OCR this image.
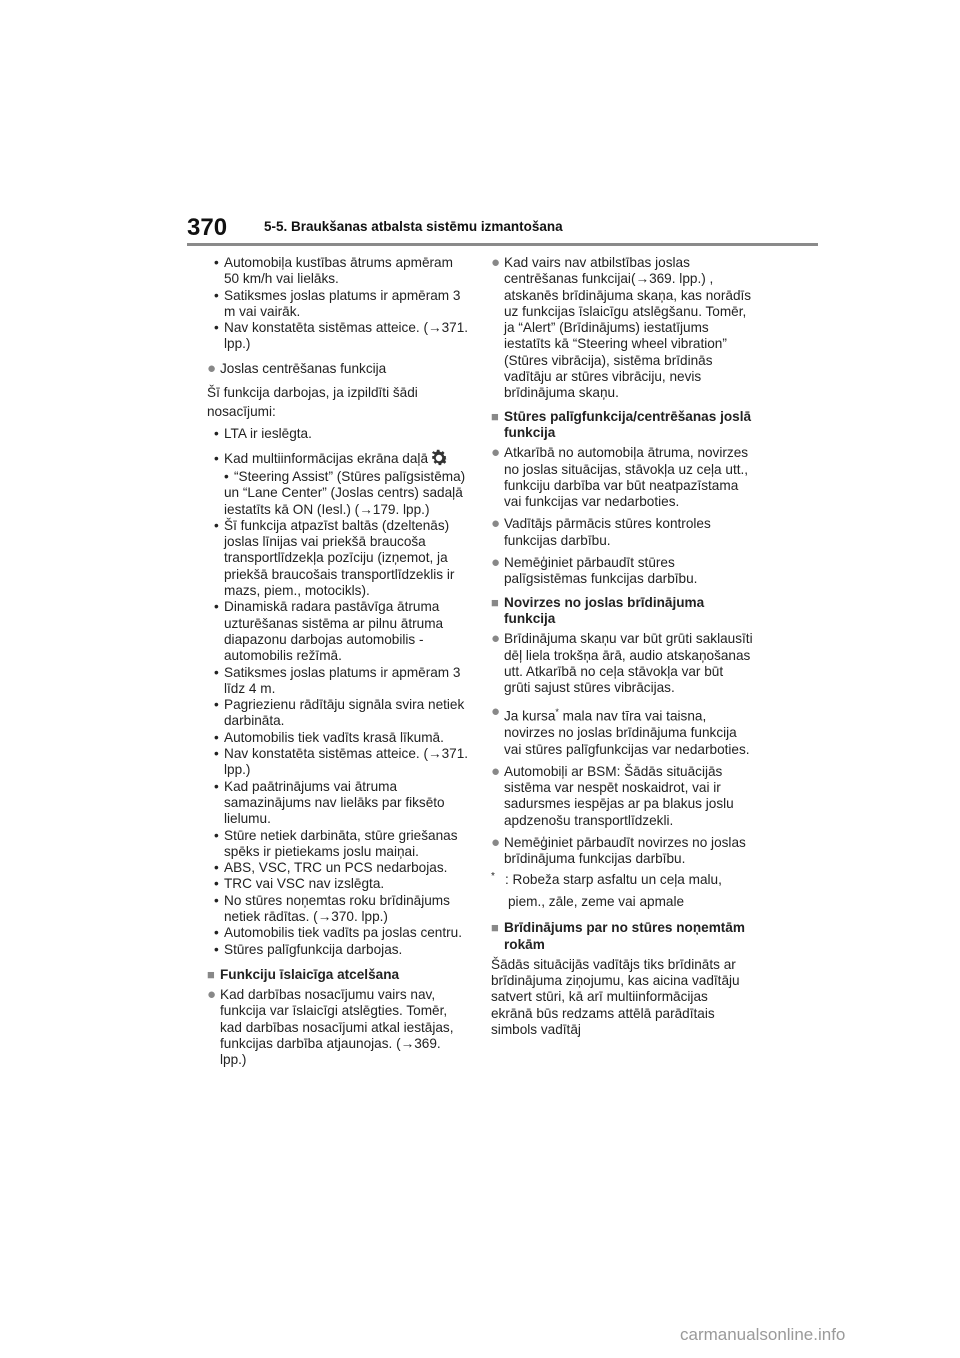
370	5-5. Braukšanas atbalsta sistēmu izmantošana

• Automobiļa kustības ātrums apmēram 50 km/h vai lielāks.

• Satiksmes joslas platums ir apmēram 3 m vai vairāk.

• Nav konstatēta sistēmas atteice. (→371. lpp.)

● Joslas centrēšanas funkcija

Šī funkcija darbojas, ja izpildīti šādi

nosacījumi:

• LTA ir ieslēgta.

• Kad multiinformācijas ekrāna daļā

• “Steering Assist” (Stūres palīgsistēma) un “Lane Center” (Joslas centrs) sadaļā iestatīts kā ON (Iesl.) (→179. lpp.)

• Šī funkcija atpazīst baltās (dzeltenās) joslas līnijas vai priekšā braucoša transportlīdzekļa pozīciju (izņemot, ja priekšā braucošais transportlīdzeklis ir mazs, piem., motocikls).

• Dinamiskā radara pastāvīga ātruma uzturēšanas sistēma ar pilnu ātruma diapazonu darbojas automobilis - automobilis režīmā.

• Satiksmes joslas platums ir apmēram 3 līdz 4 m.

• Pagriezienu rādītāju signāla svira netiek darbināta.

• Automobilis tiek vadīts krasā līkumā.

• Nav konstatēta sistēmas atteice. (→371. lpp.)

• Kad paātrinājums vai ātruma samazinājums nav lielāks par fiksēto lielumu.

• Stūre netiek darbināta, stūre griešanas spēks ir pietiekams joslu maiņai.

• ABS, VSC, TRC un PCS nedarbojas.

• TRC vai VSC nav izslēgta.

• No stūres noņemtas roku brīdinājums netiek rādītas. (→370. lpp.)

• Automobilis tiek vadīts pa joslas centru.

• Stūres palīgfunkcija darbojas.

■ Funkciju īslaicīga atcelšana
● Kad darbības nosacījumu vairs nav, funkcija var īslaicīgi atslēgties. Tomēr, kad darbības nosacījumi atkal iestājas, funkcijas darbība atjaunojas. (→369. lpp.)
● Kad vairs nav atbilstības joslas centrēšanas funkcijai(→369. lpp.) , atskanēs brīdinājuma skaņa, kas norādīs uz funkcijas īslaicīgu atslēgšanu. Tomēr, ja “Alert” (Brīdinājums) iestatījums iestatīts kā “Steering wheel vibration” (Stūres vibrācija), sistēma brīdinās vadītāju ar stūres vibrāciju, nevis brīdinājuma skaņu.
■ Stūres palīgfunkcija/centrēšanas joslā funkcija
● Atkarībā no automobiļa ātruma, novirzes no joslas situācijas, stāvokļa uz ceļa utt., funkciju darbība var būt neatpazīstama vai funkcijas var nedarboties.
● Vadītājs pārmācis stūres kontroles funkcijas darbību.
● Nemēģiniet pārbaudīt stūres palīgsistēmas funkcijas darbību.
■ Novirzes no joslas brīdinājuma funkcija
● Brīdinājuma skaņu var būt grūti saklausīti dēļ liela trokšņa ārā, audio atskaņošanas utt. Atkarībā no ceļa stāvokļa var būt grūti sajust stūres vibrācijas.
● Ja kursa* mala nav tīra vai taisna, novirzes no joslas brīdinājuma funkcija vai stūres palīgfunkcijas var nedarboties.
● Automobiļi ar BSM: Šādās situācijās sistēma var nespēt noskaidrot, vai ir sadursmes iespējas ar pa blakus joslu apdzenošu transportlīdzekli.
● Nemēģiniet pārbaudīt novirzes no joslas brīdinājuma funkcijas darbību.
* : Robeža starp asfaltu un ceļa malu,

piem., zāle, zeme vai apmale

■ Brīdinājums par no stūres noņemtām rokām

Šādās situācijās vadītājs tiks brīdināts ar brīdinājuma ziņojumu, kas aicina vadītāju satvert stūri, kā arī multiinformācijas ekrānā būs redzams attēlā parādītais simbols vadītāj

carmanualsonline.info
